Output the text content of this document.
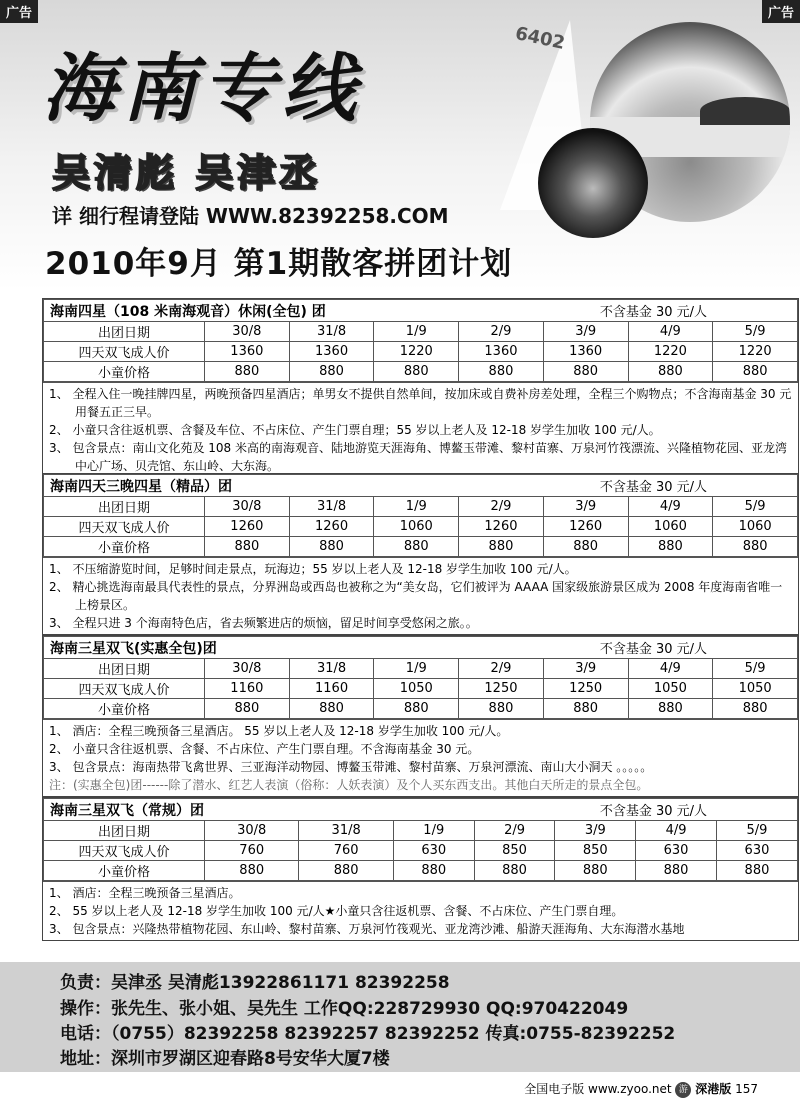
6402
海南专线
吴清彪 吴津丞
详 细行程请登陆 WWW.82392258.COM
2010年9月 第1期散客拼团计划
广告	广告
海南四星（108 米南海观音）休闲(全包) 团 不含基金 30 元/人							

出团日期	30/8	31/8	1/9	2/9	3/9	4/9	5/9
四天双飞成人价	1360	1360	1220	1360	1360	1220	1220
小童价格	880	880	880	880	880	880	880
1、 全程入住一晚挂牌四星，两晚预备四星酒店；单男女不提供自然单间，按加床或自费补房差处理，全程三个购物点；不含海南基金 30 元用餐五正三早。
2、 小童只含往返机票、含餐及车位、不占床位、产生门票自理；55 岁以上老人及 12-18 岁学生加收 100 元/人。
3、 包含景点：南山文化苑及 108 米高的南海观音、陆地游览天涯海角、博鳌玉带滩、黎村苗寨、万泉河竹筏漂流、兴隆植物花园、亚龙湾中心广场、贝壳馆、东山岭、大东海。
海南四天三晚四星（精品）团 不含基金 30 元/人							

出团日期	30/8	31/8	1/9	2/9	3/9	4/9	5/9
四天双飞成人价	1260	1260	1060	1260	1260	1060	1060
小童价格	880	880	880	880	880	880	880
1、 不压缩游览时间，足够时间走景点，玩海边；55 岁以上老人及 12-18 岁学生加收 100 元/人。
2、 精心挑选海南最具代表性的景点，分界洲岛或西岛也被称之为“美女岛，它们被评为 AAAA 国家级旅游景区成为 2008 年度海南省唯一上榜景区。
3、 全程只进 3 个海南特色店，省去频繁进店的烦恼，留足时间享受悠闲之旅。。
海南三星双飞(实惠全包)团 不含基金 30 元/人							

出团日期	30/8	31/8	1/9	2/9	3/9	4/9	5/9
四天双飞成人价	1160	1160	1050	1250	1250	1050	1050
小童价格	880	880	880	880	880	880	880
1、 酒店：全程三晚预备三星酒店。 55 岁以上老人及 12-18 岁学生加收 100 元/人。
2、 小童只含往返机票、含餐、不占床位、产生门票自理。不含海南基金 30 元。
3、 包含景点：海南热带飞禽世界、三亚海洋动物园、博鳌玉带滩、黎村苗寨、万泉河漂流、南山大小洞天 。。。。。
注：(实惠全包)团------除了潜水、红艺人表演（俗称：人妖表演）及个人买东西支出。其他白天所走的景点全包。
海南三星双飞（常规）团 不含基金 30 元/人							

出团日期	30/8	31/8	1/9	2/9	3/9	4/9	5/9
四天双飞成人价	760	760	630	850	850	630	630
小童价格	880	880	880	880	880	880	880
1、 酒店：全程三晚预备三星酒店。
2、 55 岁以上老人及 12-18 岁学生加收 100 元/人★小童只含往返机票、含餐、不占床位、产生门票自理。
3、 包含景点：兴隆热带植物花园、东山岭、黎村苗寨、万泉河竹筏观光、亚龙湾沙滩、船游天涯海角、大东海潜水基地
负责：吴津丞 吴清彪13922861171 82392258
操作：张先生、张小姐、吴先生 工作QQ:228729930 QQ:970422049
电话：（0755）82392258 82392257 82392252 传真:0755-82392252
地址：深圳市罗湖区迎春路8号安华大厦7楼
全国电子版 www.zyoo.net 游 深港版 157
